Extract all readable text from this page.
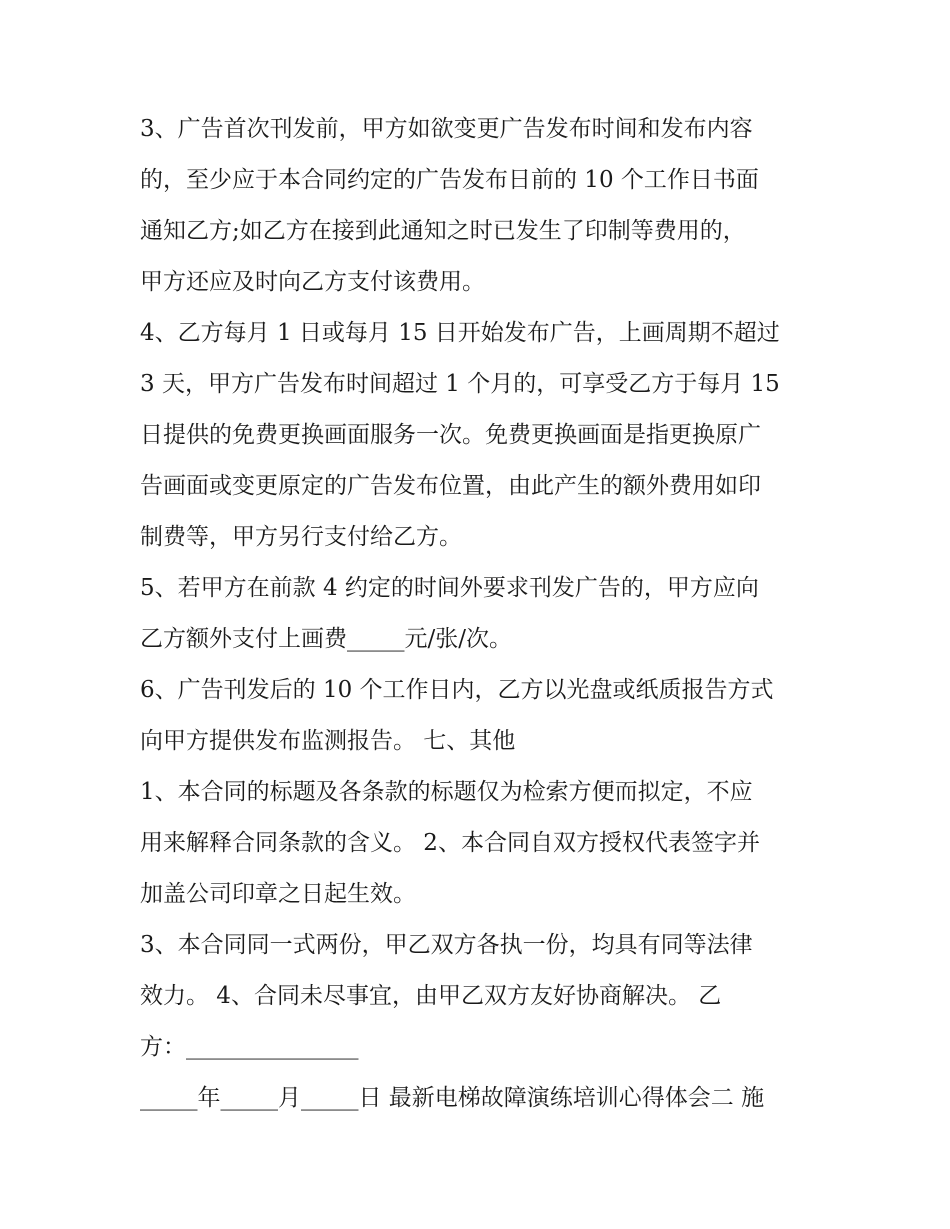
3、广告首次刊发前，甲方如欲变更广告发布时间和发布内容
的，至少应于本合同约定的广告发布日前的 10 个工作日书面
通知乙方;如乙方在接到此通知之时已发生了印制等费用的，
甲方还应及时向乙方支付该费用。
4、乙方每月 1 日或每月 15 日开始发布广告，上画周期不超过
3 天，甲方广告发布时间超过 1 个月的，可享受乙方于每月 15
日提供的免费更换画面服务一次。免费更换画面是指更换原广
告画面或变更原定的广告发布位置，由此产生的额外费用如印
制费等，甲方另行支付给乙方。
5、若甲方在前款 4 约定的时间外要求刊发广告的，甲方应向
乙方额外支付上画费_____元/张/次。
6、广告刊发后的 10 个工作日内，乙方以光盘或纸质报告方式
向甲方提供发布监测报告。 七、其他
1、本合同的标题及各条款的标题仅为检索方便而拟定，不应
用来解释合同条款的含义。 2、本合同自双方授权代表签字并
加盖公司印章之日起生效。
3、本合同同一式两份，甲乙双方各执一份，均具有同等法律
效力。 4、合同未尽事宜，由甲乙双方友好协商解决。 乙
方：_______________
_____年_____月_____日 最新电梯故障演练培训心得体会二 施
